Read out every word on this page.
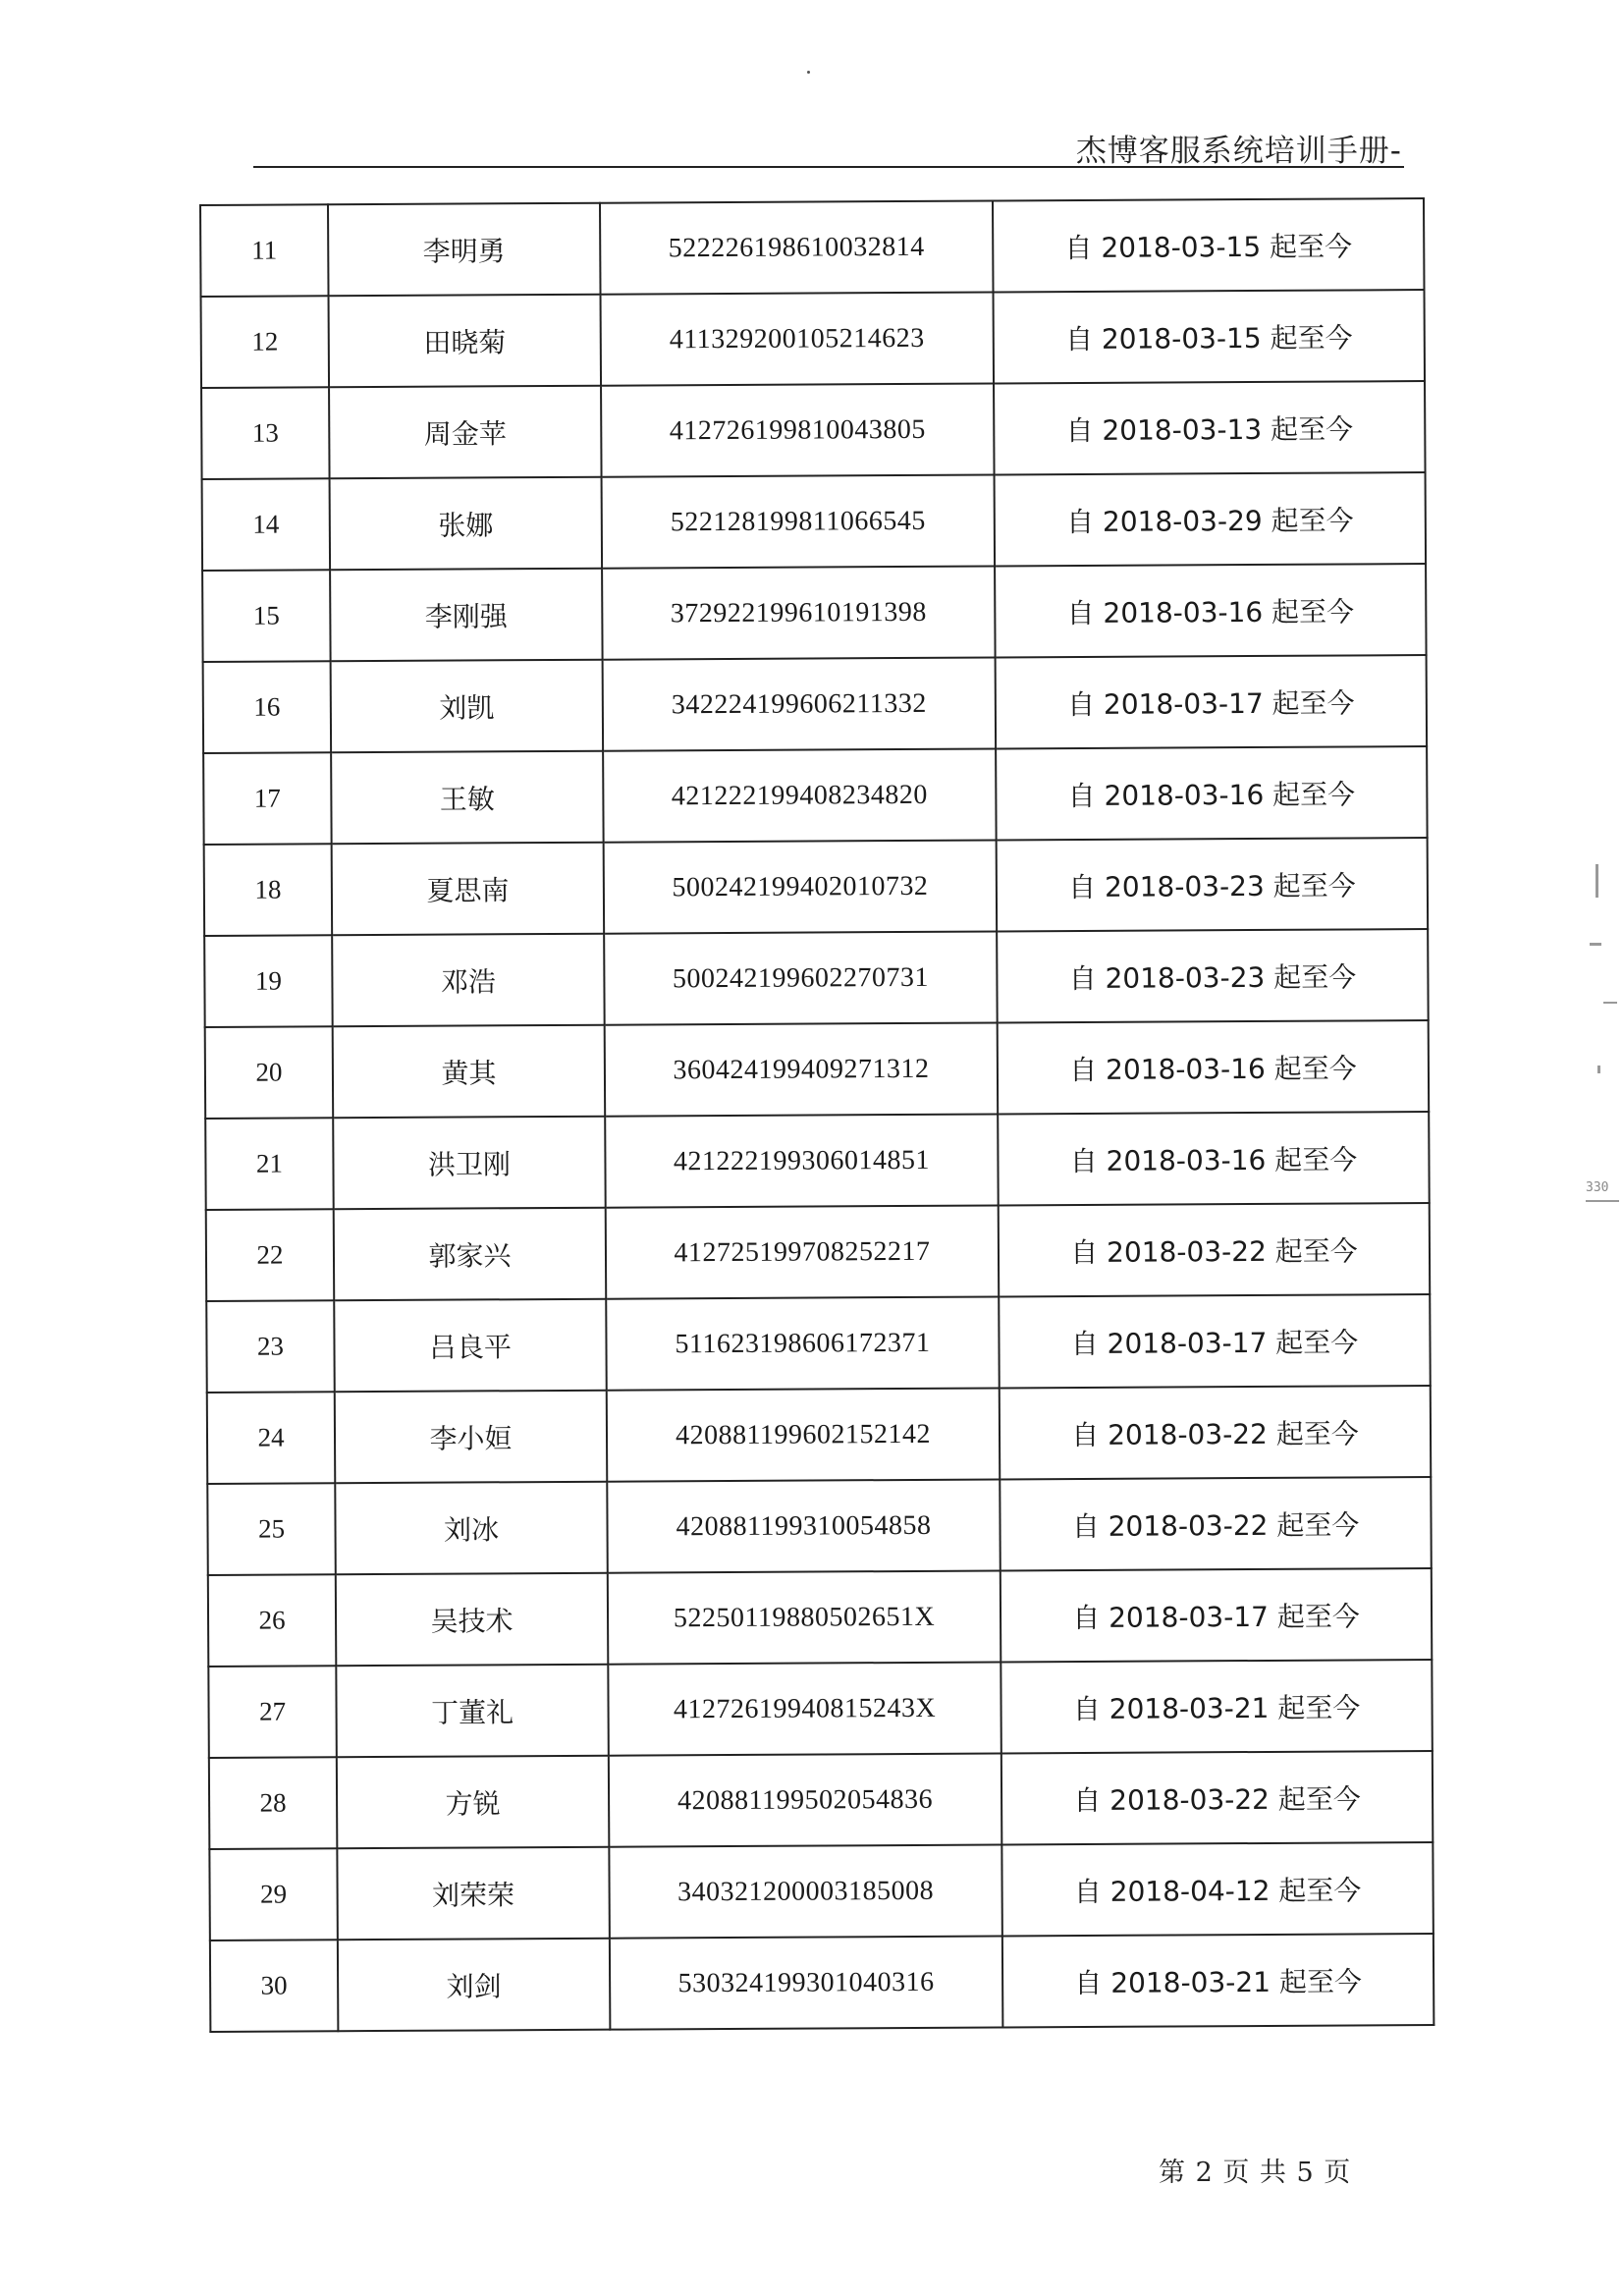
杰博客服系统培训手册-
11	李明勇	522226198610032814	自 2018-03-15 起至今
12	田晓菊	411329200105214623	自 2018-03-15 起至今
13	周金苹	412726199810043805	自 2018-03-13 起至今
14	张娜	522128199811066545	自 2018-03-29 起至今
15	李刚强	372922199610191398	自 2018-03-16 起至今
16	刘凯	342224199606211332	自 2018-03-17 起至今
17	王敏	421222199408234820	自 2018-03-16 起至今
18	夏思南	500242199402010732	自 2018-03-23 起至今
19	邓浩	500242199602270731	自 2018-03-23 起至今
20	黄其	360424199409271312	自 2018-03-16 起至今
21	洪卫刚	421222199306014851	自 2018-03-16 起至今
22	郭家兴	412725199708252217	自 2018-03-22 起至今
23	吕良平	511623198606172371	自 2018-03-17 起至今
24	李小姮	420881199602152142	自 2018-03-22 起至今
25	刘冰	420881199310054858	自 2018-03-22 起至今
26	吴技术	52250119880502651X	自 2018-03-17 起至今
27	丁董礼	41272619940815243X	自 2018-03-21 起至今
28	方锐	420881199502054836	自 2018-03-22 起至今
29	刘荣荣	340321200003185008	自 2018-04-12 起至今
30	刘剑	530324199301040316	自 2018-03-21 起至今
第 2 页 共 5 页
330
